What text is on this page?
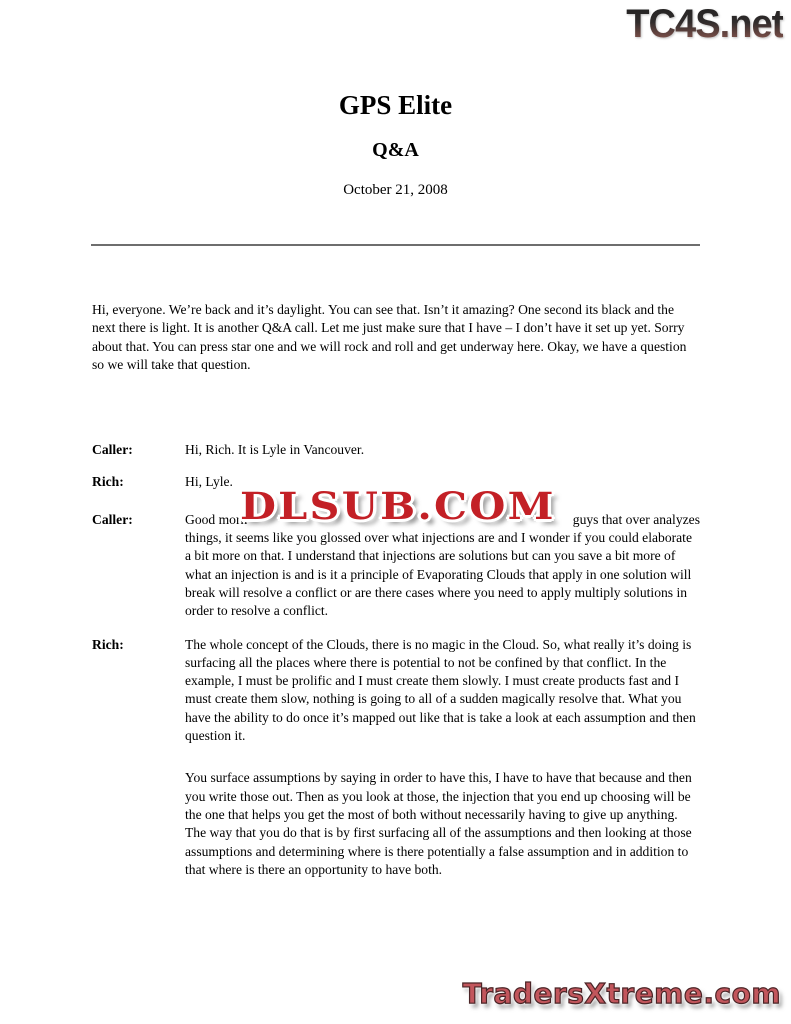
TC4S.net
GPS Elite
Q&A
October 21, 2008

Hi, everyone. We’re back and it’s daylight. You can see that. Isn’t it amazing? One second its black and the next there is light. It is another Q&A call. Let me just make sure that I have – I don’t have it set up yet. Sorry about that. You can press star one and we will rock and roll and get underway here. Okay, we have a question so we will take that question.

Caller:	Hi, Rich. It is Lyle in Vancouver.
Rich:	Hi, Lyle.
Caller:	Good morn	guys that over analyzes
things, it seems like you glossed over what injections are and I wonder if you could elaborate a bit more on that. I understand that injections are solutions but can you save a bit more of what an injection is and is it a principle of Evaporating Clouds that apply in one solution will break will resolve a conflict or are there cases where you need to apply multiply solutions in order to resolve a conflict.
Rich:	The whole concept of the Clouds, there is no magic in the Cloud. So, what really it’s doing is surfacing all the places where there is potential to not be confined by that conflict. In the example, I must be prolific and I must create them slowly. I must create products fast and I must create them slow, nothing is going to all of a sudden magically resolve that. What you have the ability to do once it’s mapped out like that is take a look at each assumption and then question it.
You surface assumptions by saying in order to have this, I have to have that because and then you write those out. Then as you look at those, the injection that you end up choosing will be the one that helps you get the most of both without necessarily having to give up anything. The way that you do that is by first surfacing all of the assumptions and then looking at those assumptions and determining where is there potentially a false assumption and in addition to that where is there an opportunity to have both.
DLSUB.COM
TradersXtreme.com
